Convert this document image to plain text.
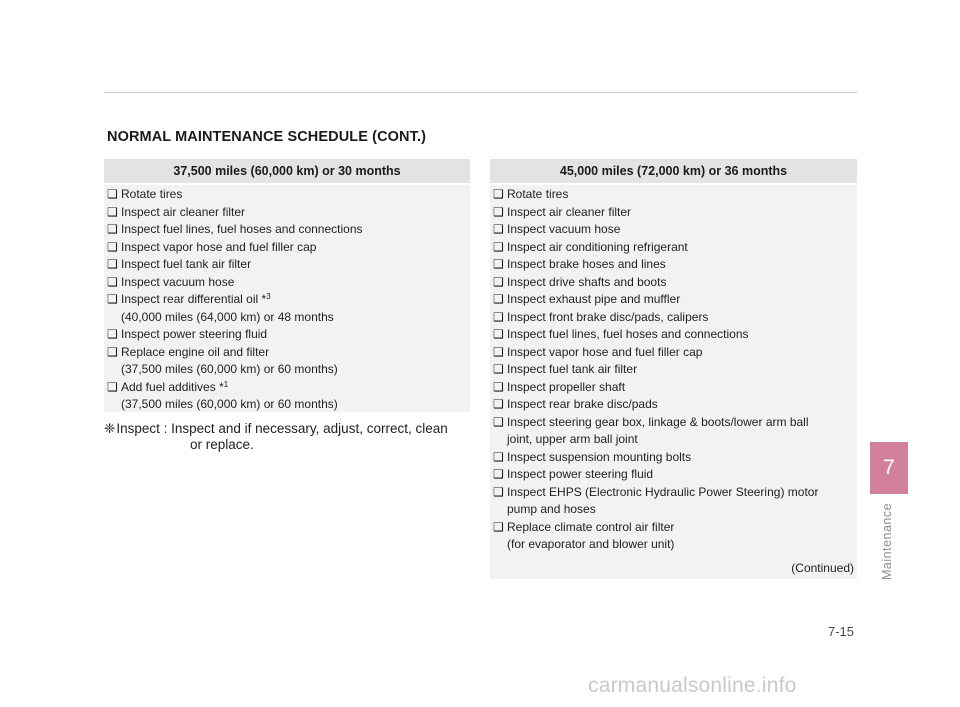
NORMAL MAINTENANCE SCHEDULE (CONT.)
37,500 miles (60,000 km) or 30 months
❑ Rotate tires
❑ Inspect air cleaner filter
❑ Inspect fuel lines, fuel hoses and connections
❑ Inspect vapor hose and fuel filler cap
❑ Inspect fuel tank air filter
❑ Inspect vacuum hose
❑ Inspect rear differential oil *$^3$
(40,000 miles (64,000 km) or 48 months
❑ Inspect power steering fluid
❑ Replace engine oil and filter
(37,500 miles (60,000 km) or 60 months)
❑ Add fuel additives *$^1$
(37,500 miles (60,000 km) or 60 months)
45,000 miles (72,000 km) or 36 months
❑ Rotate tires
❑ Inspect air cleaner filter
❑ Inspect vacuum hose
❑ Inspect air conditioning refrigerant
❑ Inspect brake hoses and lines
❑ Inspect drive shafts and boots
❑ Inspect exhaust pipe and muffler
❑ Inspect front brake disc/pads, calipers
❑ Inspect fuel lines, fuel hoses and connections
❑ Inspect vapor hose and fuel filler cap
❑ Inspect fuel tank air filter
❑ Inspect propeller shaft
❑ Inspect rear brake disc/pads
❑ Inspect steering gear box, linkage & boots/lower arm ball
joint, upper arm ball joint
❑ Inspect suspension mounting bolts
❑ Inspect power steering fluid
❑ Inspect EHPS (Electronic Hydraulic Power Steering) motor
pump and hoses
❑ Replace climate control air filter
(for evaporator and blower unit)
(Continued)
❈Inspect : Inspect and if necessary, adjust, correct, clean
or replace.
7
Maintenance
7-15
carmanualsonline.info
